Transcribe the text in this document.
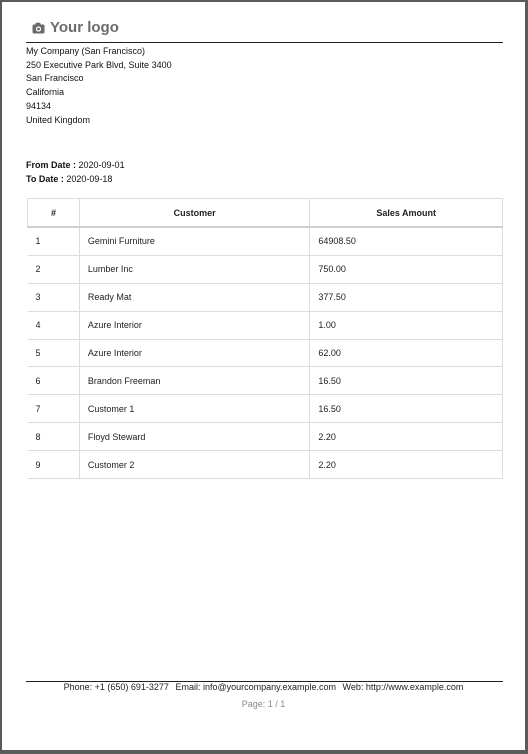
Your logo
My Company (San Francisco)
250 Executive Park Blvd, Suite 3400
San Francisco
California
94134
United Kingdom
From Date : 2020-09-01
To Date : 2020-09-18
#	Customer	Sales Amount
1	Gemini Furniture	64908.50
2	Lumber Inc	750.00
3	Ready Mat	377.50
4	Azure Interior	1.00
5	Azure Interior	62.00
6	Brandon Freeman	16.50
7	Customer 1	16.50
8	Floyd Steward	2.20
9	Customer 2	2.20
Phone: +1 (650) 691-3277 Email: info@yourcompany.example.com Web: http://www.example.com
Page: 1 / 1
